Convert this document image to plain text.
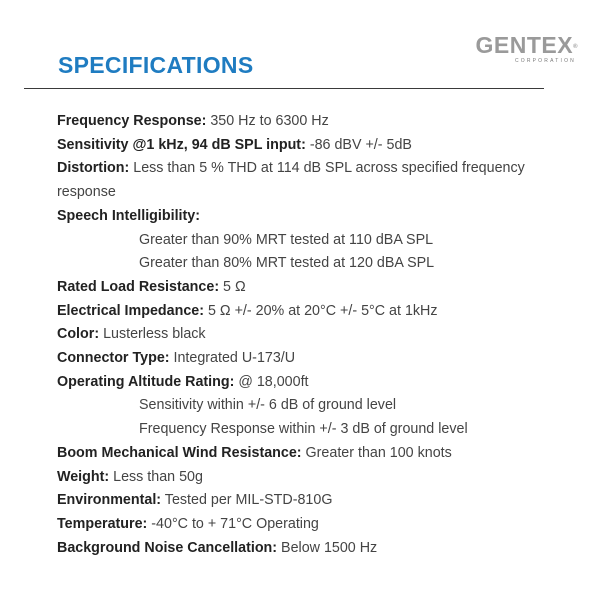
SPECIFICATIONS
GENTEX®
CORPORATION
Frequency Response: 350 Hz to 6300 Hz
Sensitivity @1 kHz, 94 dB SPL input: -86 dBV +/- 5dB
Distortion: Less than 5 % THD at 114 dB SPL across specified frequency response
Speech Intelligibility:
Greater than 90% MRT tested at 110 dBA SPL
Greater than 80% MRT tested at 120 dBA SPL
Rated Load Resistance: 5 Ω
Electrical Impedance: 5 Ω +/- 20% at 20°C +/- 5°C at 1kHz
Color: Lusterless black
Connector Type: Integrated U-173/U
Operating Altitude Rating: @ 18,000ft
Sensitivity within +/- 6 dB of ground level
Frequency Response within +/- 3 dB of ground level
Boom Mechanical Wind Resistance: Greater than 100 knots
Weight: Less than 50g
Environmental: Tested per MIL-STD-810G
Temperature: -40°C to + 71°C Operating
Background Noise Cancellation: Below 1500 Hz
